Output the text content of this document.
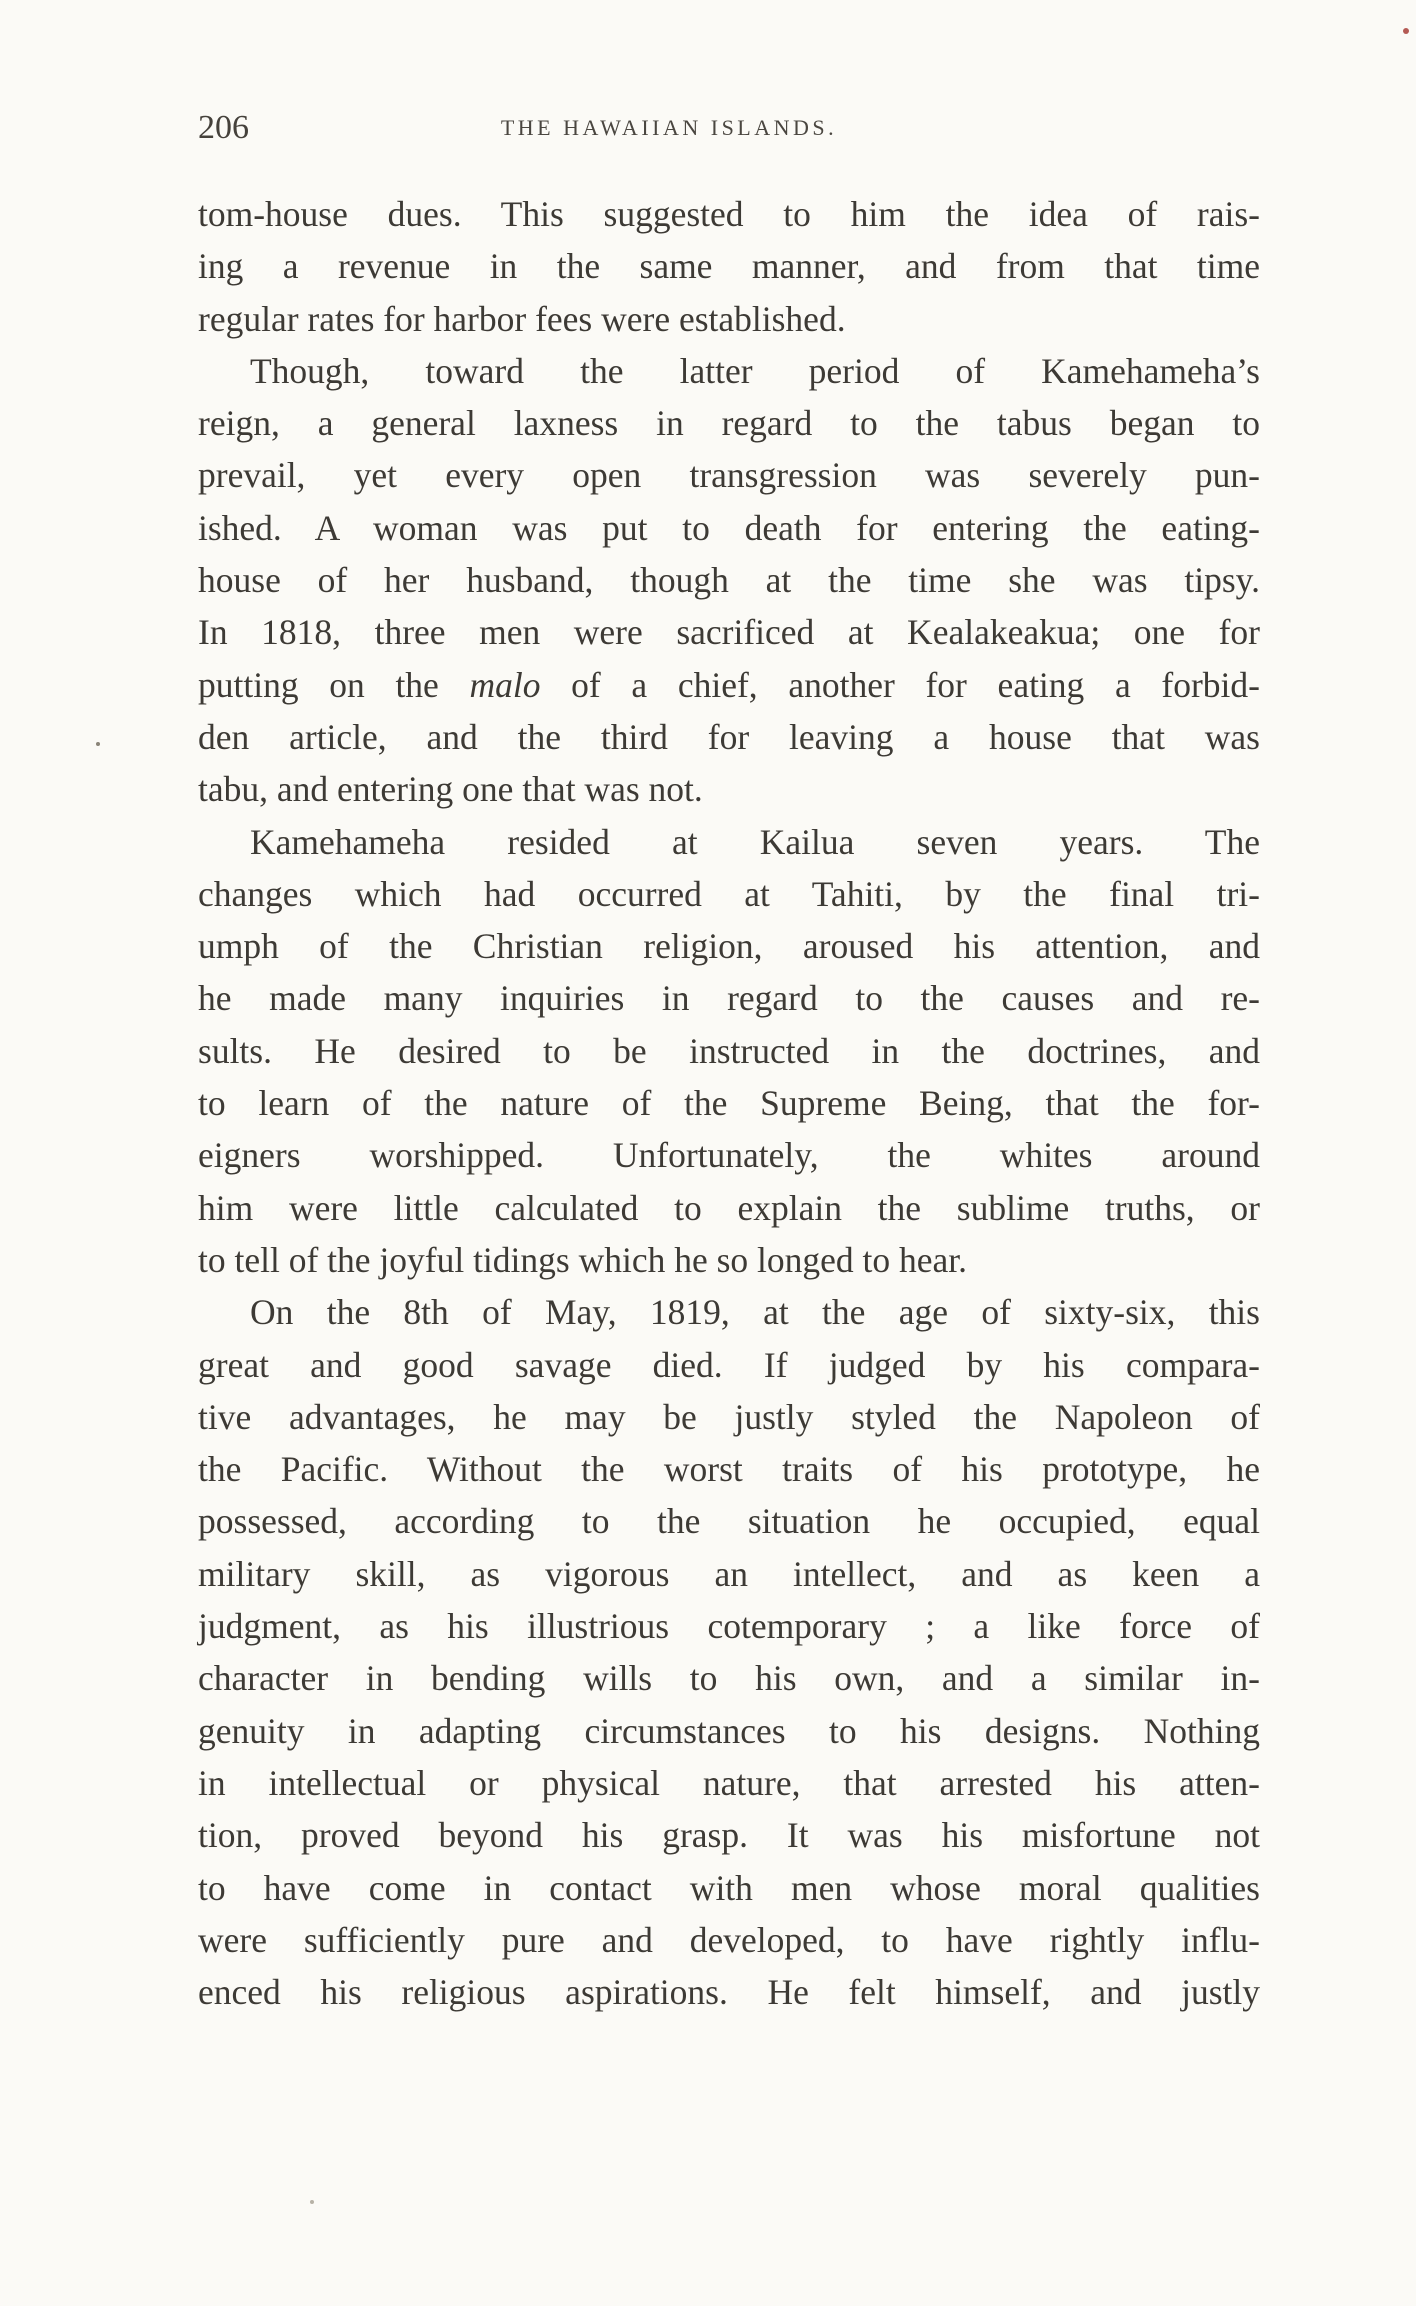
206	THE HAWAIIAN ISLANDS.
tom-house dues. This suggested to him the idea of rais-
ing a revenue in the same manner, and from that time
regular rates for harbor fees were established.
Though, toward the latter period of Kamehameha’s
reign, a general laxness in regard to the tabus began to
prevail, yet every open transgression was severely pun-
ished. A woman was put to death for entering the eating-
house of her husband, though at the time she was tipsy.
In 1818, three men were sacrificed at Kealakeakua; one for
putting on the malo of a chief, another for eating a forbid-
den article, and the third for leaving a house that was
tabu, and entering one that was not.
Kamehameha resided at Kailua seven years. The
changes which had occurred at Tahiti, by the final tri-
umph of the Christian religion, aroused his attention, and
he made many inquiries in regard to the causes and re-
sults. He desired to be instructed in the doctrines, and
to learn of the nature of the Supreme Being, that the for-
eigners worshipped. Unfortunately, the whites around
him were little calculated to explain the sublime truths, or
to tell of the joyful tidings which he so longed to hear.
On the 8th of May, 1819, at the age of sixty-six, this
great and good savage died. If judged by his compara-
tive advantages, he may be justly styled the Napoleon of
the Pacific. Without the worst traits of his prototype, he
possessed, according to the situation he occupied, equal
military skill, as vigorous an intellect, and as keen a
judgment, as his illustrious cotemporary ; a like force of
character in bending wills to his own, and a similar in-
genuity in adapting circumstances to his designs. Nothing
in intellectual or physical nature, that arrested his atten-
tion, proved beyond his grasp. It was his misfortune not
to have come in contact with men whose moral qualities
were sufficiently pure and developed, to have rightly influ-
enced his religious aspirations. He felt himself, and justly
